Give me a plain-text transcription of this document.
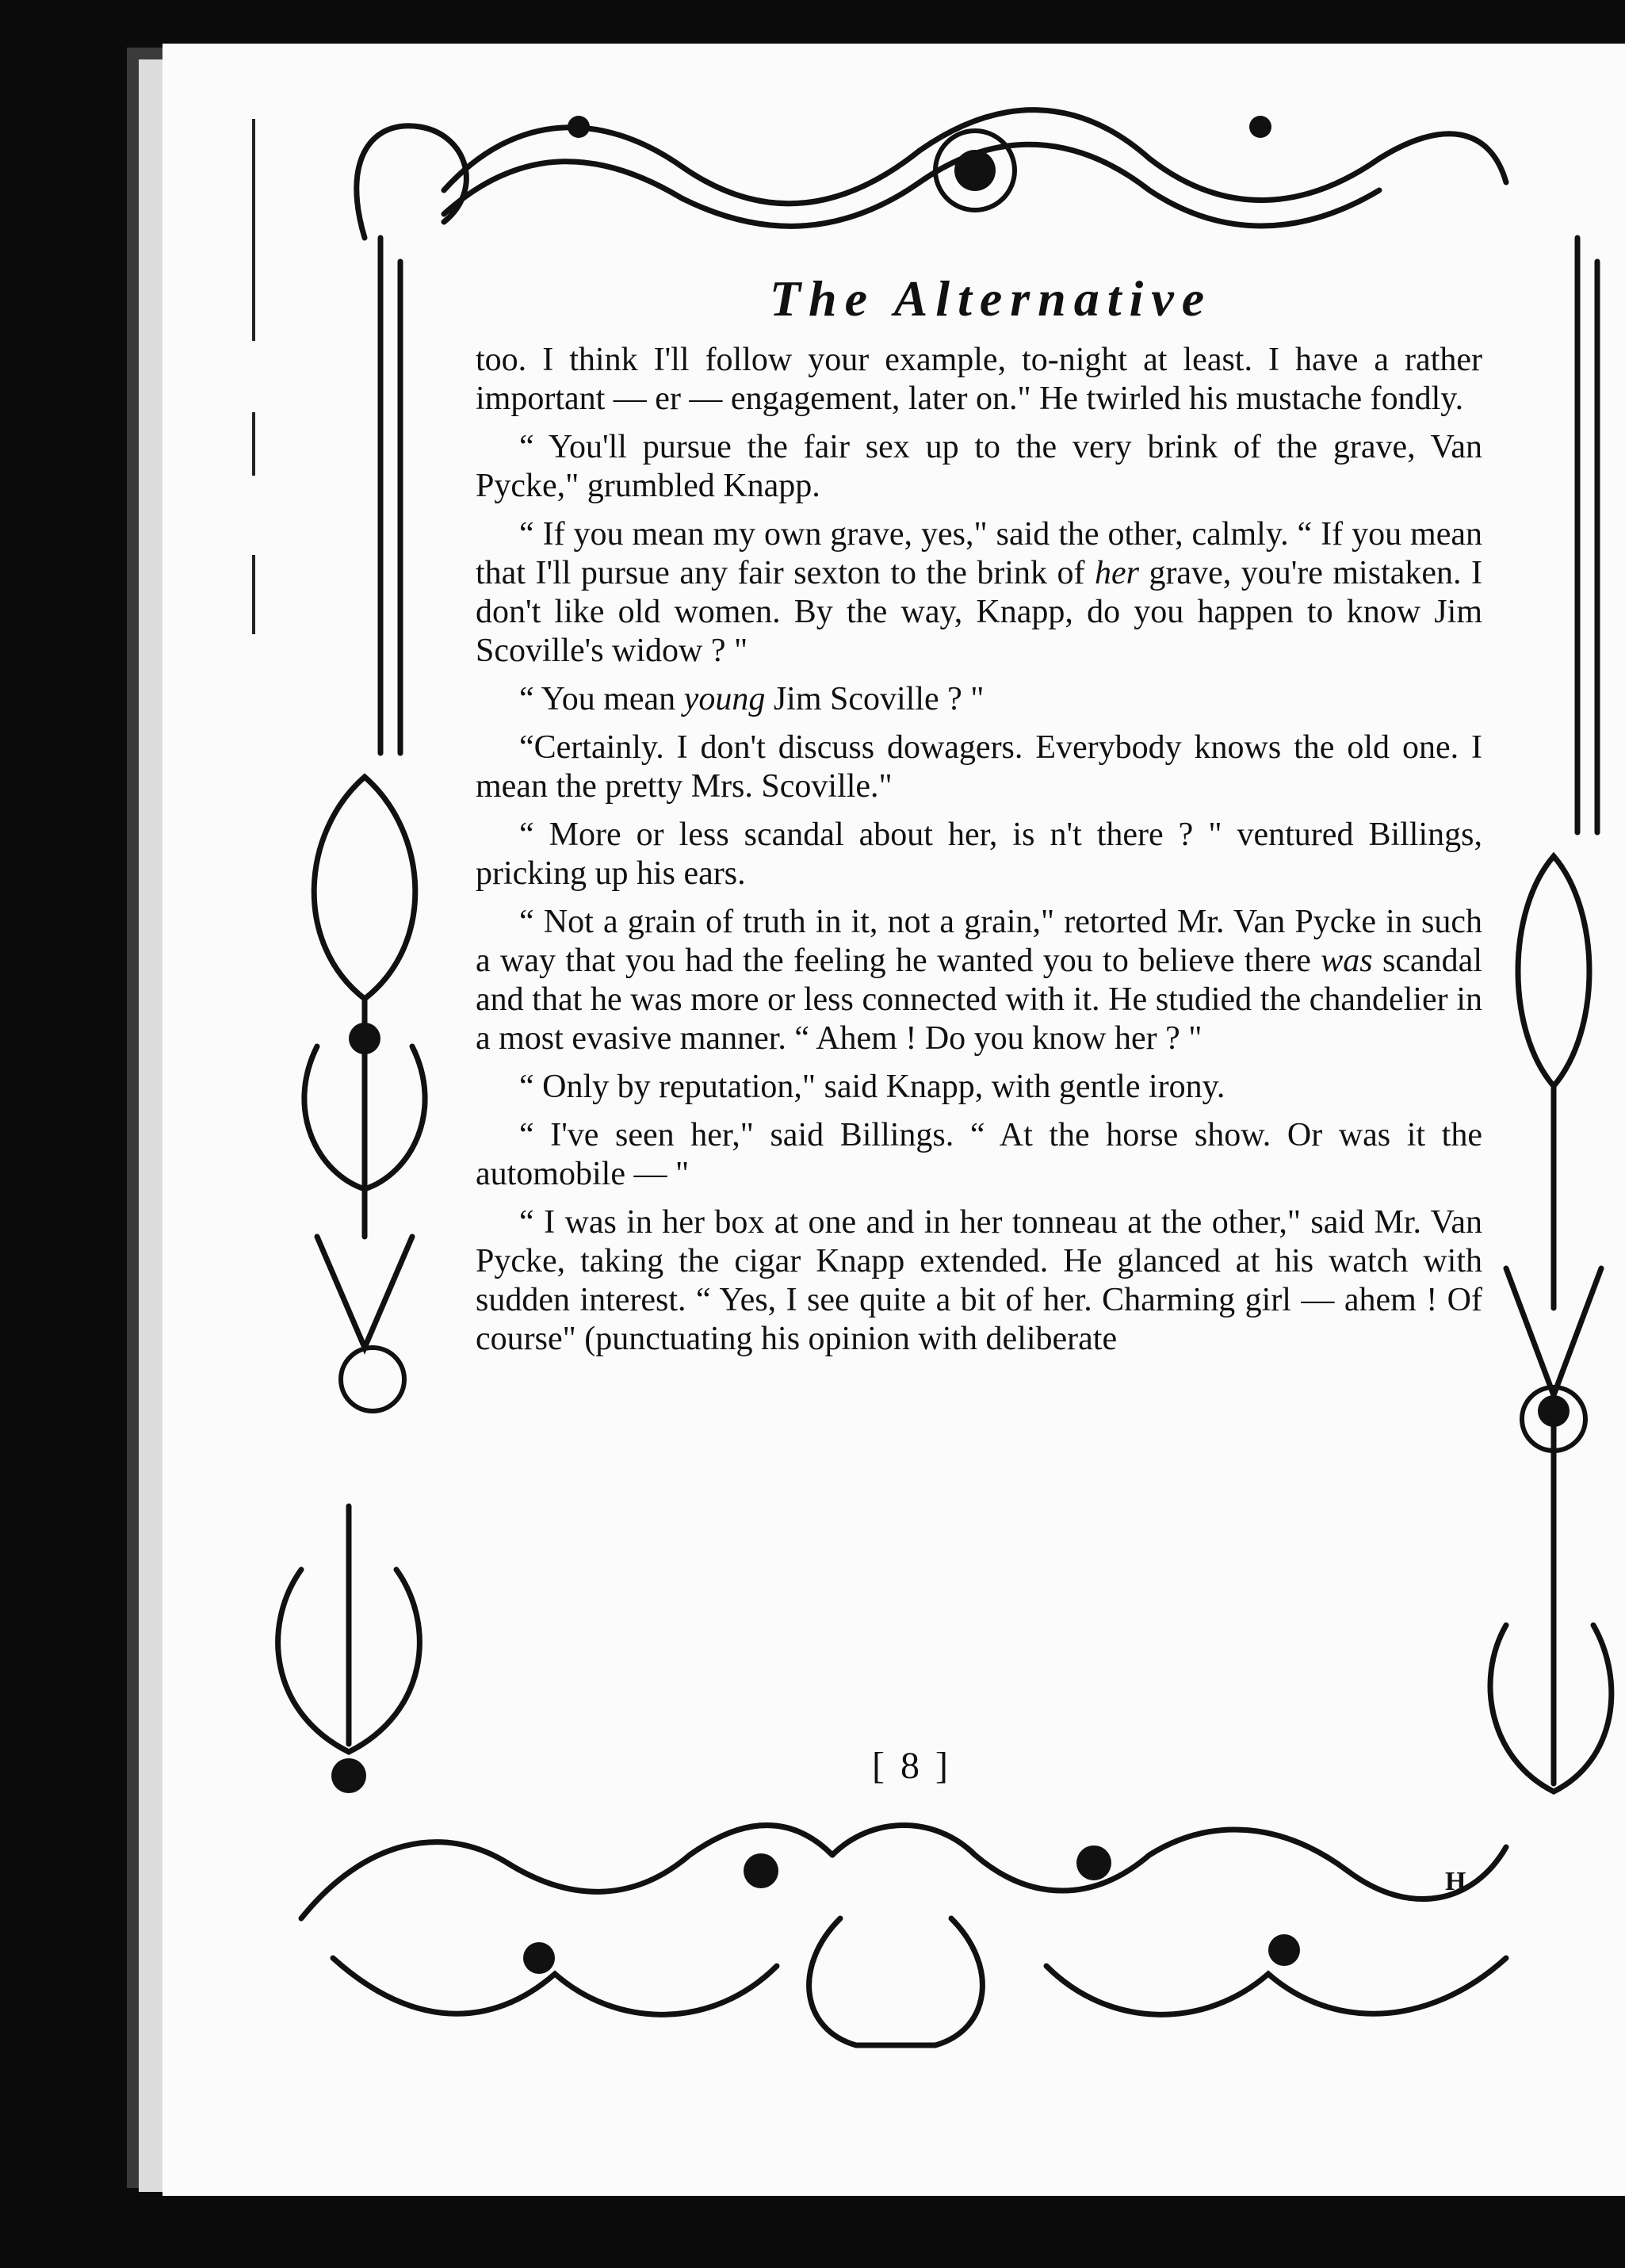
The Alternative

too. I think I'll follow your example, to-night at least. I have a rather important — er — engagement, later on." He twirled his mustache fondly.

“ You'll pursue the fair sex up to the very brink of the grave, Van Pycke," grumbled Knapp.

“ If you mean my own grave, yes," said the other, calmly. “ If you mean that I'll pursue any fair sexton to the brink of her grave, you're mistaken. I don't like old women. By the way, Knapp, do you happen to know Jim Scoville's widow ? "

“ You mean young Jim Scoville ? "

“Certainly. I don't discuss dowagers. Everybody knows the old one. I mean the pretty Mrs. Scoville."

“ More or less scandal about her, is n't there ? " ventured Billings, pricking up his ears.

“ Not a grain of truth in it, not a grain," retorted Mr. Van Pycke in such a way that you had the feeling he wanted you to believe there was scandal and that he was more or less connected with it. He studied the chandelier in a most evasive manner. “ Ahem ! Do you know her ? "

“ Only by reputation," said Knapp, with gentle irony.

“ I've seen her," said Billings. “ At the horse show. Or was it the automobile — "

“ I was in her box at one and in her tonneau at the other," said Mr. Van Pycke, taking the cigar Knapp extended. He glanced at his watch with sudden interest. “ Yes, I see quite a bit of her. Charming girl — ahem ! Of course" (punctuating his opinion with deliberate

[ 8 ]
H
